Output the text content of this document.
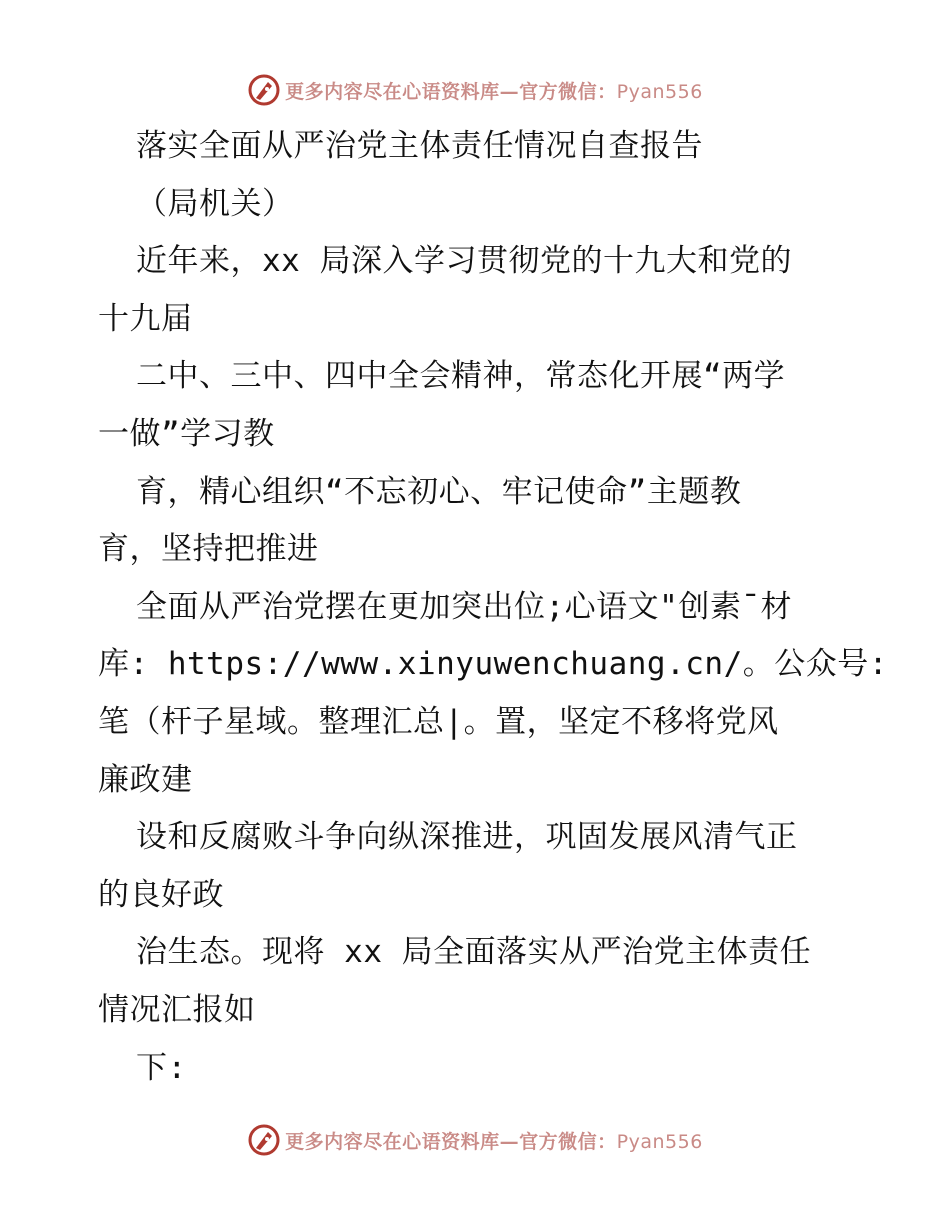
更多内容尽在心语资料库—官方微信：Pyan556
落实全面从严治党主体责任情况自查报告
（局机关）
近年来，xx 局深入学习贯彻党的十九大和党的
十九届
二中、三中、四中全会精神，常态化开展“两学
一做”学习教
育，精心组织“不忘初心、牢记使命”主题教
育，坚持把推进
全面从严治党摆在更加突出位;心语文"创素¯材
库: https://www.xinyuwenchuang.cn/。公众号:
笔（杆子星域。整理汇总|。置，坚定不移将党风
廉政建
设和反腐败斗争向纵深推进，巩固发展风清气正
的良好政
治生态。现将 xx 局全面落实从严治党主体责任
情况汇报如
下:
更多内容尽在心语资料库—官方微信：Pyan556
